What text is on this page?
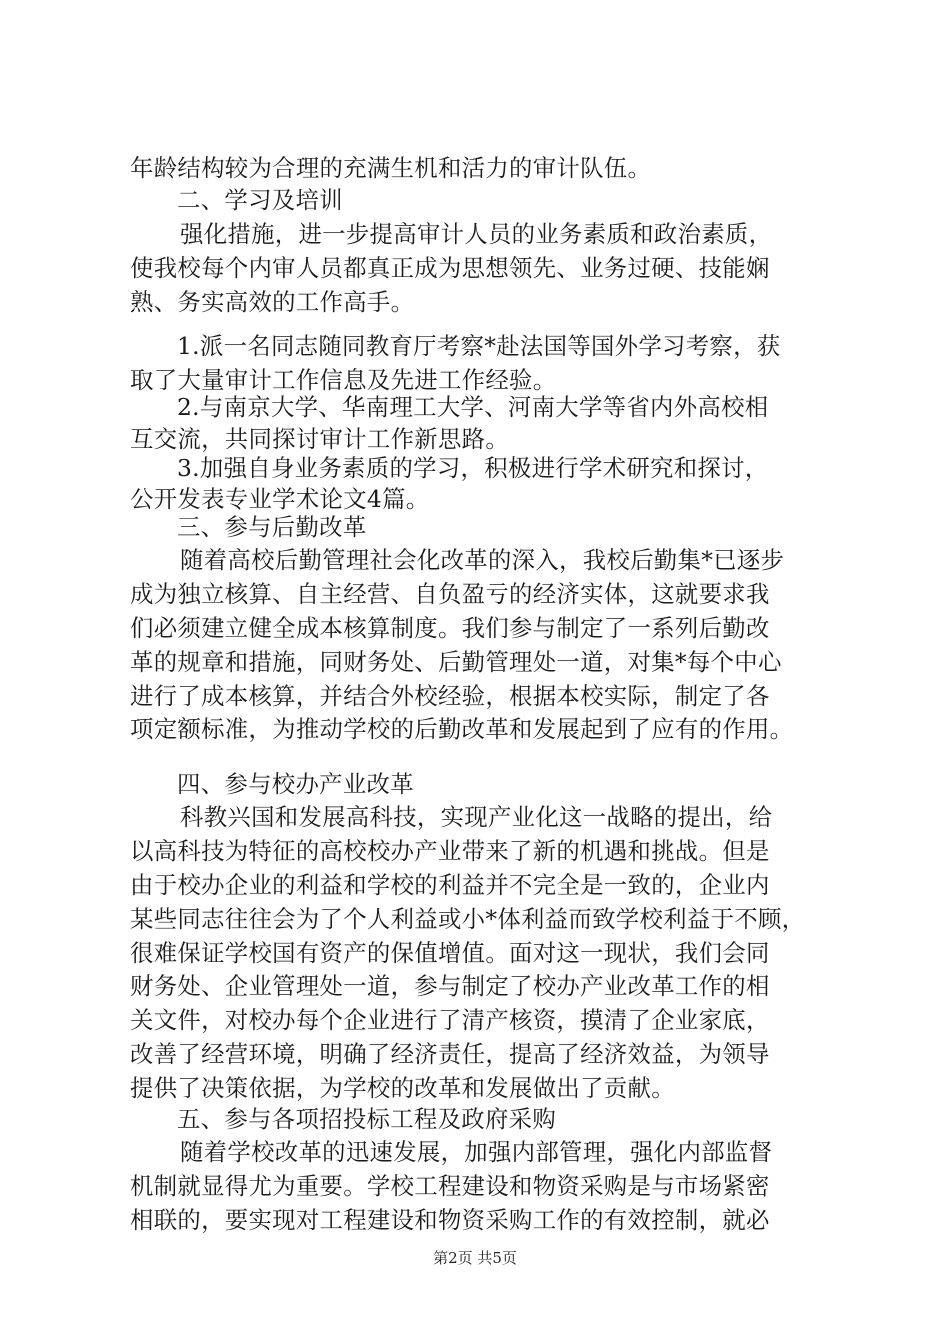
年龄结构较为合理的充满生机和活力的审计队伍。
二、学习及培训
强化措施，进一步提高审计人员的业务素质和政治素质，
使我校每个内审人员都真正成为思想领先、业务过硬、技能娴
熟、务实高效的工作高手。
1.派一名同志随同教育厅考察*赴法国等国外学习考察，获
取了大量审计工作信息及先进工作经验。
2.与南京大学、华南理工大学、河南大学等省内外高校相
互交流，共同探讨审计工作新思路。
3.加强自身业务素质的学习，积极进行学术研究和探讨，
公开发表专业学术论文4篇。
三、参与后勤改革
随着高校后勤管理社会化改革的深入，我校后勤集*已逐步
成为独立核算、自主经营、自负盈亏的经济实体，这就要求我
们必须建立健全成本核算制度。我们参与制定了一系列后勤改
革的规章和措施，同财务处、后勤管理处一道，对集*每个中心
进行了成本核算，并结合外校经验，根据本校实际，制定了各
项定额标准，为推动学校的后勤改革和发展起到了应有的作用。
四、参与校办产业改革
科教兴国和发展高科技，实现产业化这一战略的提出，给
以高科技为特征的高校校办产业带来了新的机遇和挑战。但是
由于校办企业的利益和学校的利益并不完全是一致的，企业内
某些同志往往会为了个人利益或小*体利益而致学校利益于不顾，
很难保证学校国有资产的保值增值。面对这一现状，我们会同
财务处、企业管理处一道，参与制定了校办产业改革工作的相
关文件，对校办每个企业进行了清产核资，摸清了企业家底，
改善了经营环境，明确了经济责任，提高了经济效益，为领导
提供了决策依据，为学校的改革和发展做出了贡献。
五、参与各项招投标工程及政府采购
随着学校改革的迅速发展，加强内部管理，强化内部监督
机制就显得尤为重要。学校工程建设和物资采购是与市场紧密
相联的，要实现对工程建设和物资采购工作的有效控制，就必
第2页 共5页
